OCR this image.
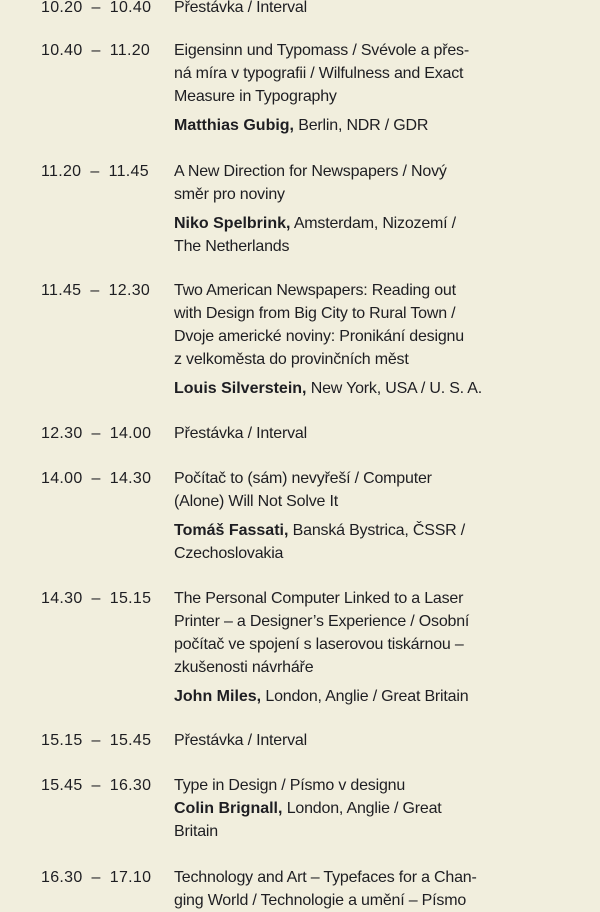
10.20 – 10.40 Přestávka / Interval
10.40 – 11.20 Eigensinn und Typomass / Svévole a přes-
ná míra v typografii / Wilfulness and Exact
Measure in Typography
Matthias Gubig, Berlin, NDR / GDR
11.20 – 11.45 A New Direction for Newspapers / Nový
směr pro noviny
Niko Spelbrink, Amsterdam, Nizozemí /
The Netherlands
11.45 – 12.30 Two American Newspapers: Reading out
with Design from Big City to Rural Town /
Dvoje americké noviny: Pronikání designu
z velkoměsta do provinčních měst
Louis Silverstein, New York, USA / U. S. A.
12.30 – 14.00 Přestávka / Interval
14.00 – 14.30 Počítač to (sám) nevyřeší / Computer
(Alone) Will Not Solve It
Tomáš Fassati, Banská Bystrica, ČSSR /
Czechoslovakia
14.30 – 15.15 The Personal Computer Linked to a Laser
Printer – a Designer’s Experience / Osobní
počítač ve spojení s laserovou tiskárnou –
zkušenosti návrháře
John Miles, London, Anglie / Great Britain
15.15 – 15.45 Přestávka / Interval
15.45 – 16.30 Type in Design / Písmo v designu
Colin Brignall, London, Anglie / Great
Britain
16.30 – 17.10 Technology and Art – Typefaces for a Chan-
ging World / Technologie a umění – Písmo
